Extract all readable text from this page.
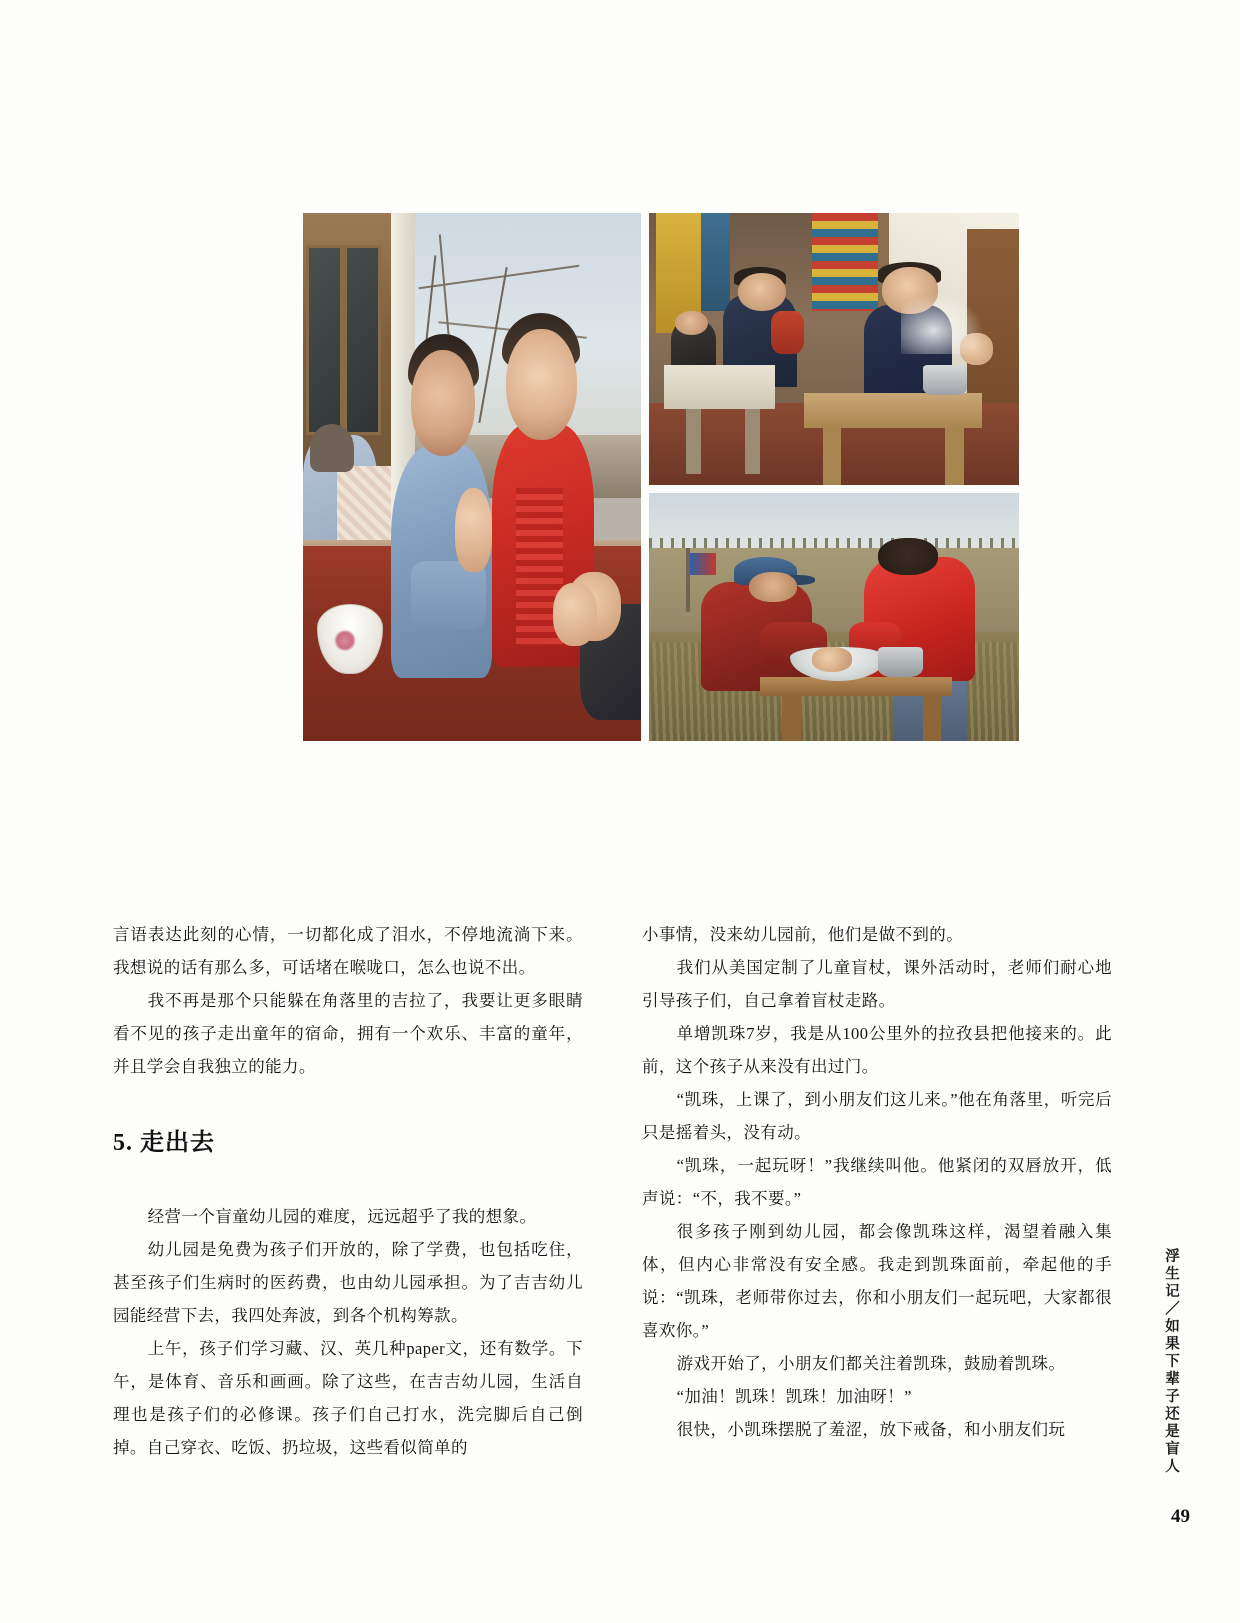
言语表达此刻的心情，一切都化成了泪水，不停地流淌下来。我想说的话有那么多，可话堵在喉咙口，怎么也说不出。

我不再是那个只能躲在角落里的吉拉了，我要让更多眼睛看不见的孩子走出童年的宿命，拥有一个欢乐、丰富的童年，并且学会自我独立的能力。

5. 走出去

经营一个盲童幼儿园的难度，远远超乎了我的想象。

幼儿园是免费为孩子们开放的，除了学费，也包括吃住，甚至孩子们生病时的医药费，也由幼儿园承担。为了吉吉幼儿园能经营下去，我四处奔波，到各个机构筹款。

上午，孩子们学习藏、汉、英几种paper文，还有数学。下午，是体育、音乐和画画。除了这些，在吉吉幼儿园，生活自理也是孩子们的必修课。孩子们自己打水，洗完脚后自己倒掉。自己穿衣、吃饭、扔垃圾，这些看似简单的

小事情，没来幼儿园前，他们是做不到的。

我们从美国定制了儿童盲杖，课外活动时，老师们耐心地引导孩子们，自己拿着盲杖走路。

单增凯珠7岁，我是从100公里外的拉孜县把他接来的。此前，这个孩子从来没有出过门。

“凯珠，上课了，到小朋友们这儿来。”他在角落里，听完后只是摇着头，没有动。

“凯珠，一起玩呀！”我继续叫他。他紧闭的双唇放开，低声说：“不，我不要。”

很多孩子刚到幼儿园，都会像凯珠这样，渴望着融入集体，但内心非常没有安全感。我走到凯珠面前，牵起他的手说：“凯珠，老师带你过去，你和小朋友们一起玩吧，大家都很喜欢你。”

游戏开始了，小朋友们都关注着凯珠，鼓励着凯珠。

“加油！凯珠！凯珠！加油呀！”

很快，小凯珠摆脱了羞涩，放下戒备，和小朋友们玩	浮生记／如果下辈子还是盲人
49
